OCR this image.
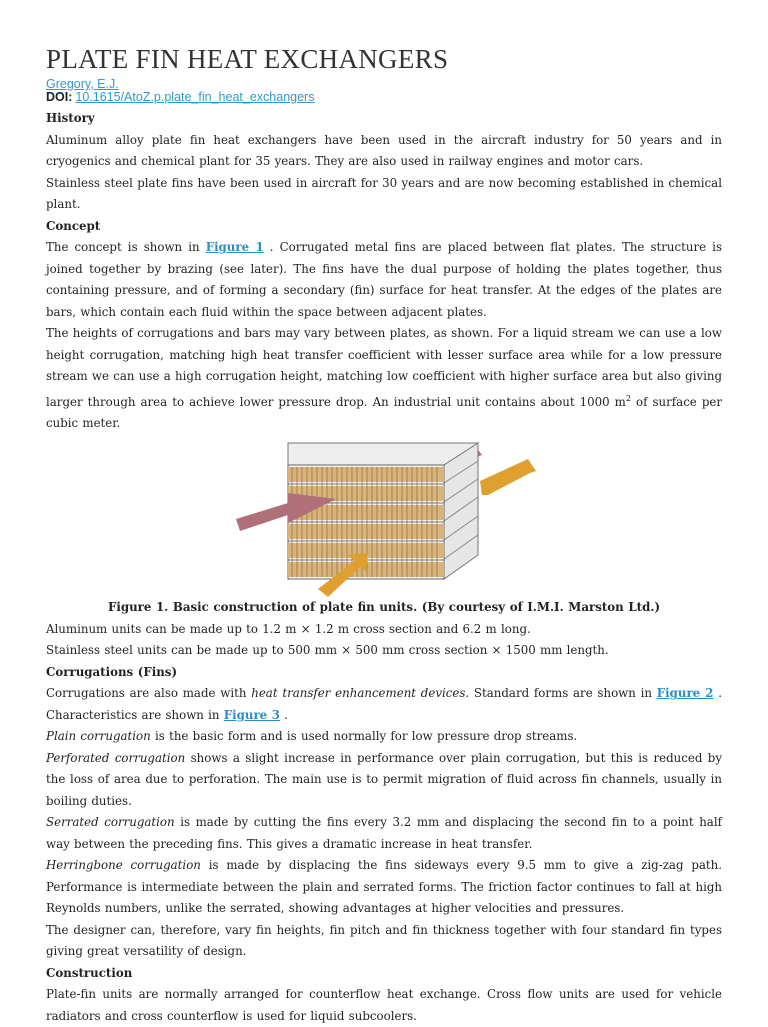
PLATE FIN HEAT EXCHANGERS
Gregory, E.J.
DOI: 10.1615/AtoZ.p.plate_fin_heat_exchangers

History

Aluminum alloy plate fin heat exchangers have been used in the aircraft industry for 50 years and in cryogenics and chemical plant for 35 years. They are also used in railway engines and motor cars.

Stainless steel plate fins have been used in aircraft for 30 years and are now becoming established in chemical plant.

Concept

The concept is shown in Figure 1 . Corrugated metal fins are placed between flat plates. The structure is joined together by brazing (see later). The fins have the dual purpose of holding the plates together, thus containing pressure, and of forming a secondary (fin) surface for heat transfer. At the edges of the plates are bars, which contain each fluid within the space between adjacent plates.

The heights of corrugations and bars may vary between plates, as shown. For a liquid stream we can use a low height corrugation, matching high heat transfer coefficient with lesser surface area while for a low pressure stream we can use a high corrugation height, matching low coefficient with higher surface area but also giving larger through area to achieve lower pressure drop. An industrial unit contains about 1000 $m^2$ of surface per cubic meter.

Figure 1. Basic construction of plate fin units. (By courtesy of I.M.I. Marston Ltd.)

Aluminum units can be made up to 1.2 m × 1.2 m cross section and 6.2 m long.

Stainless steel units can be made up to 500 mm × 500 mm cross section × 1500 mm length.

Corrugations (Fins)

Corrugations are also made with heat transfer enhancement devices. Standard forms are shown in Figure 2 . Characteristics are shown in Figure 3 .

Plain corrugation is the basic form and is used normally for low pressure drop streams.

Perforated corrugation shows a slight increase in performance over plain corrugation, but this is reduced by the loss of area due to perforation. The main use is to permit migration of fluid across fin channels, usually in boiling duties.

Serrated corrugation is made by cutting the fins every 3.2 mm and displacing the second fin to a point half way between the preceding fins. This gives a dramatic increase in heat transfer.

Herringbone corrugation is made by displacing the fins sideways every 9.5 mm to give a zig-zag path. Performance is intermediate between the plain and serrated forms. The friction factor continues to fall at high Reynolds numbers, unlike the serrated, showing advantages at higher velocities and pressures.

The designer can, therefore, vary fin heights, fin pitch and fin thickness together with four standard fin types giving great versatility of design.

Construction

Plate-fin units are normally arranged for counterflow heat exchange. Cross flow units are used for vehicle radiators and cross counterflow is used for liquid subcoolers.
